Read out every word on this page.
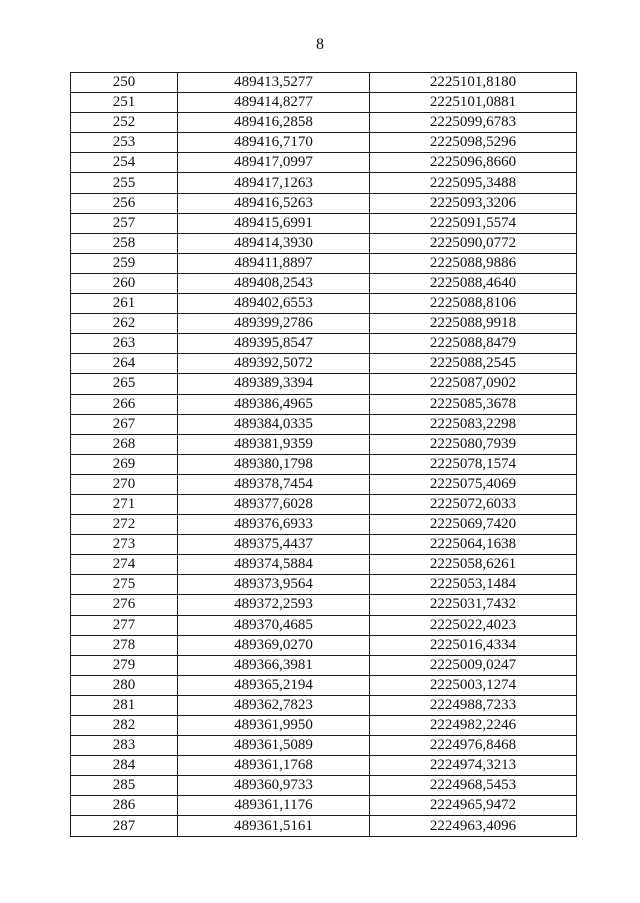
8
250	489413,5277	2225101,8180
251	489414,8277	2225101,0881
252	489416,2858	2225099,6783
253	489416,7170	2225098,5296
254	489417,0997	2225096,8660
255	489417,1263	2225095,3488
256	489416,5263	2225093,3206
257	489415,6991	2225091,5574
258	489414,3930	2225090,0772
259	489411,8897	2225088,9886
260	489408,2543	2225088,4640
261	489402,6553	2225088,8106
262	489399,2786	2225088,9918
263	489395,8547	2225088,8479
264	489392,5072	2225088,2545
265	489389,3394	2225087,0902
266	489386,4965	2225085,3678
267	489384,0335	2225083,2298
268	489381,9359	2225080,7939
269	489380,1798	2225078,1574
270	489378,7454	2225075,4069
271	489377,6028	2225072,6033
272	489376,6933	2225069,7420
273	489375,4437	2225064,1638
274	489374,5884	2225058,6261
275	489373,9564	2225053,1484
276	489372,2593	2225031,7432
277	489370,4685	2225022,4023
278	489369,0270	2225016,4334
279	489366,3981	2225009,0247
280	489365,2194	2225003,1274
281	489362,7823	2224988,7233
282	489361,9950	2224982,2246
283	489361,5089	2224976,8468
284	489361,1768	2224974,3213
285	489360,9733	2224968,5453
286	489361,1176	2224965,9472
287	489361,5161	2224963,4096
